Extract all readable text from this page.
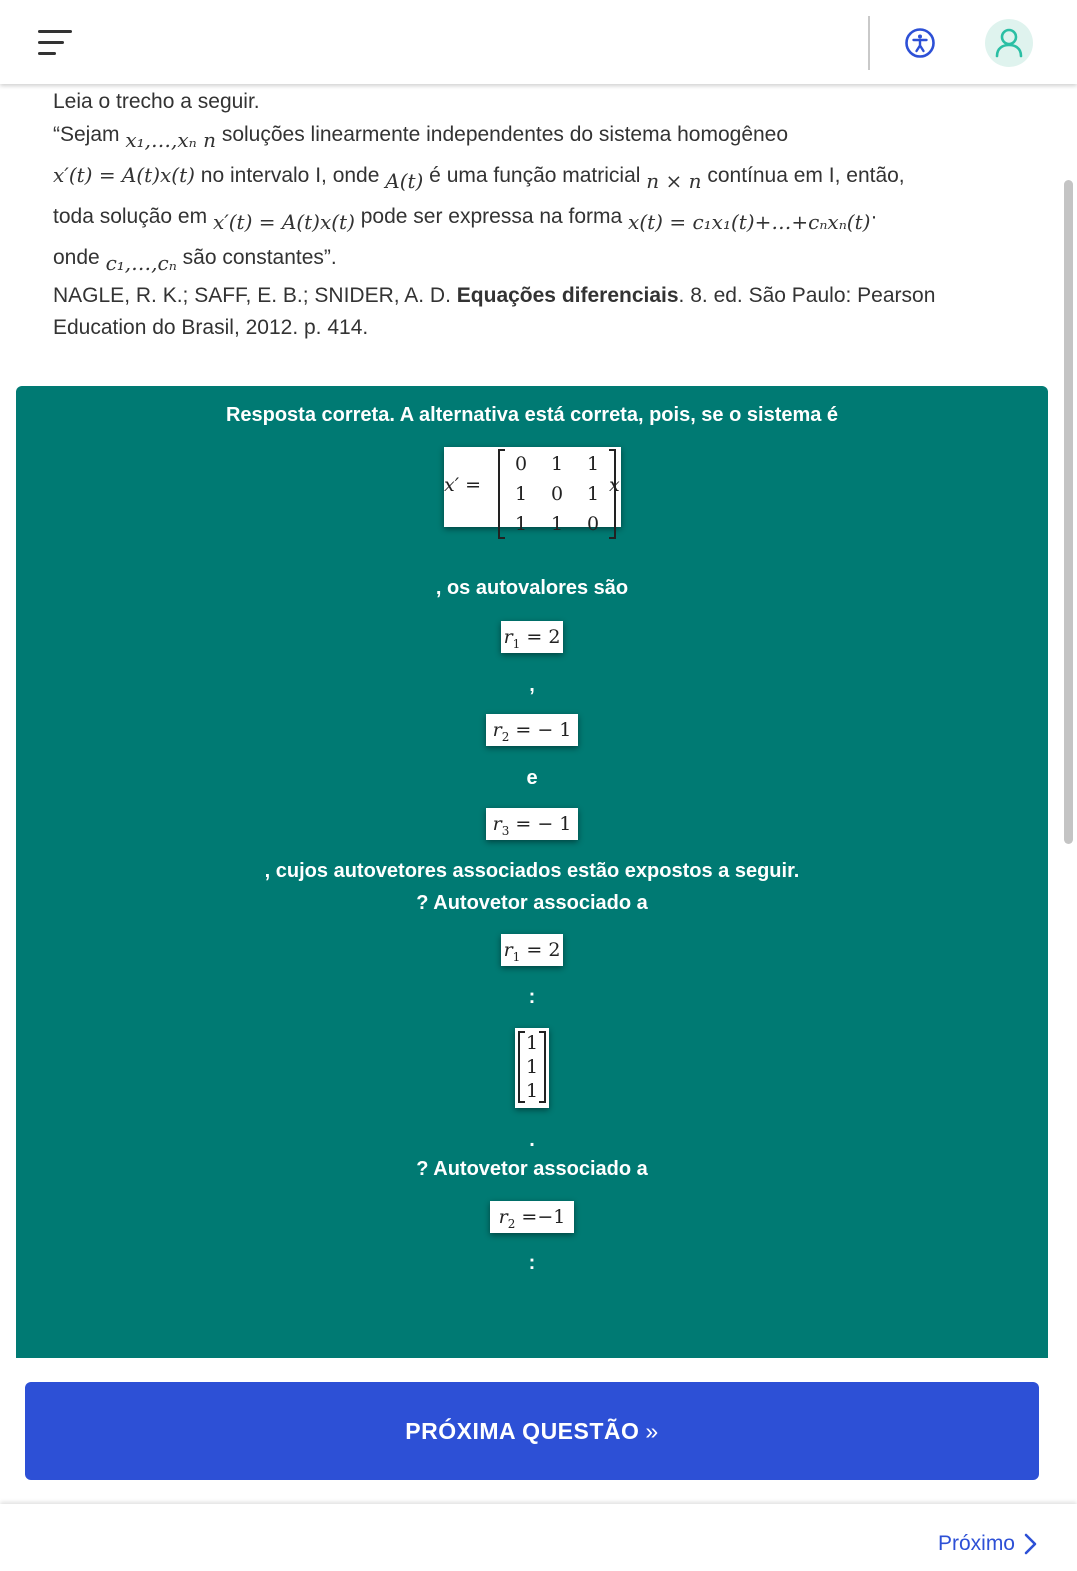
Leia o trecho a seguir.

“Sejam x₁,…,xₙ n soluções linearmente independentes do sistema homogêneo

x′(t) = A(t)x(t) no intervalo I, onde A(t) é uma função matricial n × n contínua em I, então,

toda solução em x′(t) = A(t)x(t) pode ser expressa na forma x(t) = c₁x₁(t)+…+cₙxₙ(t)·

onde c₁,…,cₙ são constantes”.

NAGLE, R. K.; SAFF, E. B.; SNIDER, A. D. Equações diferenciais. 8. ed. São Paulo: Pearson

Education do Brasil, 2012. p. 414.

Resposta correta. A alternativa está correta, pois, se o sistema é
x′ =
0	1	1
1	0	1
1	1	0
x
, os autovalores são
$r_1 = 2$
,
$r_2$ = − 1
e
$r_3$ = − 1
, cujos autovetores associados estão expostos a seguir.
? Autovetor associado a
$r_1 = 2$
:
1
1
1
.
? Autovetor associado a
$r_2 =-1$
:
PRÓXIMA QUESTÃO »
Próximo
